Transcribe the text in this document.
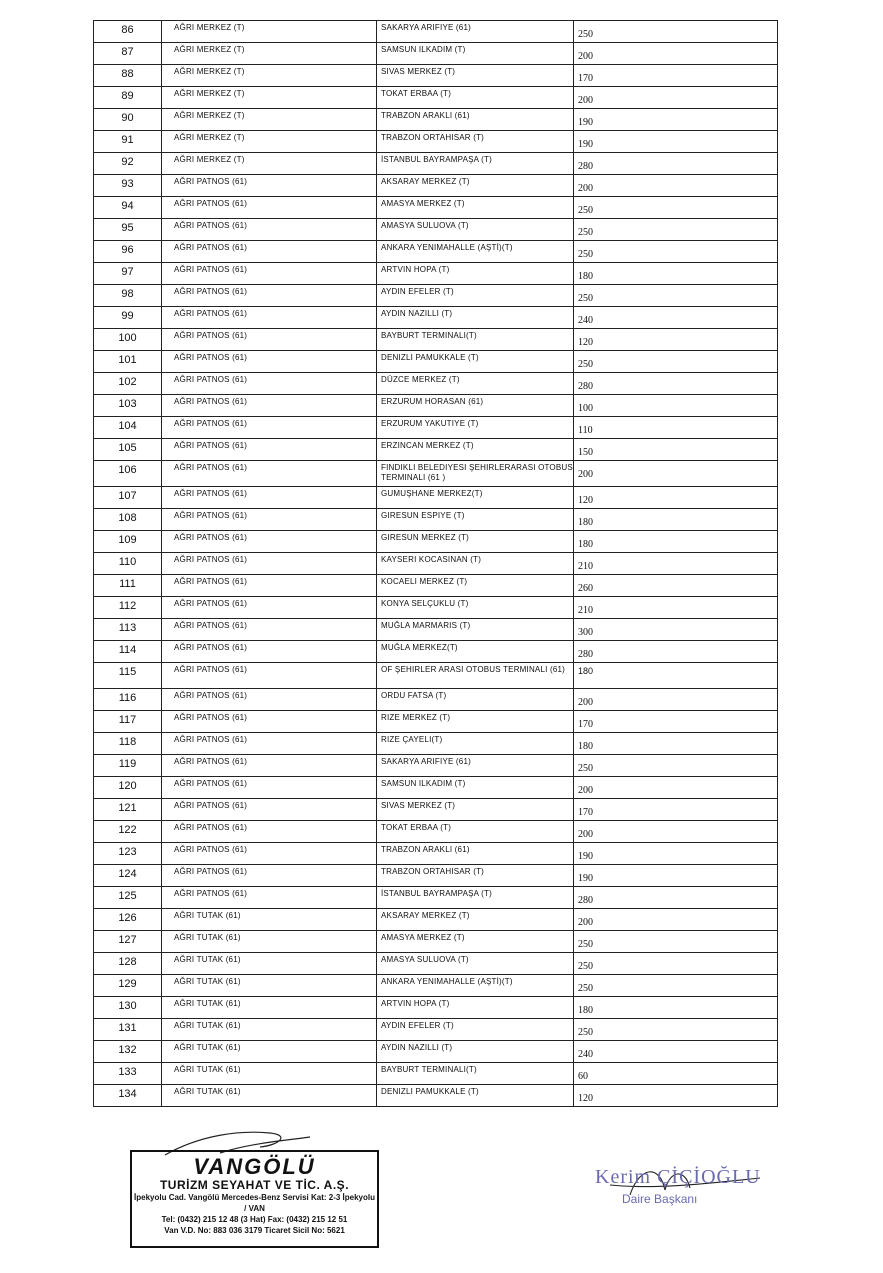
86	AĞRI MERKEZ (T)	SAKARYA ARIFIYE (61)	250
87	AĞRI MERKEZ (T)	SAMSUN ILKADIM (T)	200
88	AĞRI MERKEZ (T)	SIVAS MERKEZ (T)	170
89	AĞRI MERKEZ (T)	TOKAT ERBAA (T)	200
90	AĞRI MERKEZ (T)	TRABZON ARAKLI (61)	190
91	AĞRI MERKEZ (T)	TRABZON ORTAHISAR (T)	190
92	AĞRI MERKEZ (T)	İSTANBUL BAYRAMPAŞA (T)	280
93	AĞRI PATNOS (61)	AKSARAY MERKEZ (T)	200
94	AĞRI PATNOS (61)	AMASYA MERKEZ (T)	250
95	AĞRI PATNOS (61)	AMASYA SULUOVA (T)	250
96	AĞRI PATNOS (61)	ANKARA YENIMAHALLE (AŞTİ)(T)	250
97	AĞRI PATNOS (61)	ARTVIN HOPA (T)	180
98	AĞRI PATNOS (61)	AYDIN EFELER (T)	250
99	AĞRI PATNOS (61)	AYDIN NAZILLI (T)	240
100	AĞRI PATNOS (61)	BAYBURT TERMINALI(T)	120
101	AĞRI PATNOS (61)	DENIZLI PAMUKKALE (T)	250
102	AĞRI PATNOS (61)	DÜZCE MERKEZ (T)	280
103	AĞRI PATNOS (61)	ERZURUM HORASAN (61)	100
104	AĞRI PATNOS (61)	ERZURUM YAKUTIYE (T)	110
105	AĞRI PATNOS (61)	ERZINCAN MERKEZ (T)	150
106	AĞRI PATNOS (61)	FINDIKLI BELEDIYESI ŞEHIRLERARASI OTOBUS TERMINALI (61 )	200
107	AĞRI PATNOS (61)	GUMUŞHANE MERKEZ(T)	120
108	AĞRI PATNOS (61)	GIRESUN ESPIYE (T)	180
109	AĞRI PATNOS (61)	GIRESUN MERKEZ (T)	180
110	AĞRI PATNOS (61)	KAYSERI KOCASINAN (T)	210
111	AĞRI PATNOS (61)	KOCAELI MERKEZ (T)	260
112	AĞRI PATNOS (61)	KONYA SELÇUKLU (T)	210
113	AĞRI PATNOS (61)	MUĞLA MARMARIS (T)	300
114	AĞRI PATNOS (61)	MUĞLA MERKEZ(T)	280
115	AĞRI PATNOS (61)	OF ŞEHIRLER ARASI OTOBUS TERMINALI (61)	180
116	AĞRI PATNOS (61)	ORDU FATSA (T)	200
117	AĞRI PATNOS (61)	RIZE MERKEZ (T)	170
118	AĞRI PATNOS (61)	RIZE ÇAYELI(T)	180
119	AĞRI PATNOS (61)	SAKARYA ARIFIYE (61)	250
120	AĞRI PATNOS (61)	SAMSUN ILKADIM (T)	200
121	AĞRI PATNOS (61)	SIVAS MERKEZ (T)	170
122	AĞRI PATNOS (61)	TOKAT ERBAA (T)	200
123	AĞRI PATNOS (61)	TRABZON ARAKLI (61)	190
124	AĞRI PATNOS (61)	TRABZON ORTAHISAR (T)	190
125	AĞRI PATNOS (61)	İSTANBUL BAYRAMPAŞA (T)	280
126	AĞRI TUTAK (61)	AKSARAY MERKEZ (T)	200
127	AĞRI TUTAK (61)	AMASYA MERKEZ (T)	250
128	AĞRI TUTAK (61)	AMASYA SULUOVA (T)	250
129	AĞRI TUTAK (61)	ANKARA YENIMAHALLE (AŞTİ)(T)	250
130	AĞRI TUTAK (61)	ARTVIN HOPA (T)	180
131	AĞRI TUTAK (61)	AYDIN EFELER (T)	250
132	AĞRI TUTAK (61)	AYDIN NAZILLI (T)	240
133	AĞRI TUTAK (61)	BAYBURT TERMINALI(T)	60
134	AĞRI TUTAK (61)	DENIZLI PAMUKKALE (T)	120
VANGÖLÜ
TURİZM SEYAHAT VE TİC. A.Ş.
İpekyolu Cad. Vangölü Mercedes-Benz Servisi Kat: 2-3 İpekyolu / VAN
Tel: (0432) 215 12 48 (3 Hat) Fax: (0432) 215 12 51
Van V.D. No: 883 036 3179 Ticaret Sicil No: 5621
Kerim ÇİÇİOĞLU
Daire Başkanı
